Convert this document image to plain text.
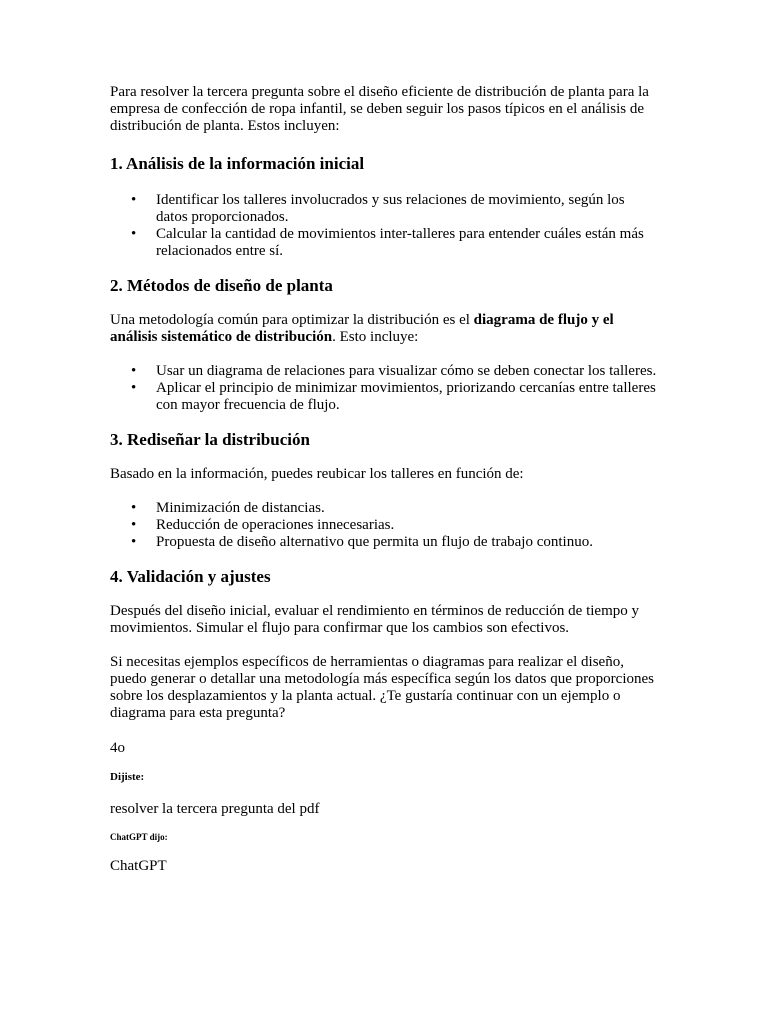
Para resolver la tercera pregunta sobre el diseño eficiente de distribución de planta para la empresa de confección de ropa infantil, se deben seguir los pasos típicos en el análisis de distribución de planta. Estos incluyen:

1. Análisis de la información inicial
• Identificar los talleres involucrados y sus relaciones de movimiento, según los datos proporcionados.
• Calcular la cantidad de movimientos inter-talleres para entender cuáles están más relacionados entre sí.
2. Métodos de diseño de planta

Una metodología común para optimizar la distribución es el diagrama de flujo y el análisis sistemático de distribución. Esto incluye:

• Usar un diagrama de relaciones para visualizar cómo se deben conectar los talleres.
• Aplicar el principio de minimizar movimientos, priorizando cercanías entre talleres con mayor frecuencia de flujo.
3. Rediseñar la distribución

Basado en la información, puedes reubicar los talleres en función de:

• Minimización de distancias.
• Reducción de operaciones innecesarias.
• Propuesta de diseño alternativo que permita un flujo de trabajo continuo.
4. Validación y ajustes

Después del diseño inicial, evaluar el rendimiento en términos de reducción de tiempo y movimientos. Simular el flujo para confirmar que los cambios son efectivos.

Si necesitas ejemplos específicos de herramientas o diagramas para realizar el diseño, puedo generar o detallar una metodología más específica según los datos que proporciones sobre los desplazamientos y la planta actual. ¿Te gustaría continuar con un ejemplo o diagrama para esta pregunta?

4o

Dijiste:

resolver la tercera pregunta del pdf

ChatGPT dijo:

ChatGPT
